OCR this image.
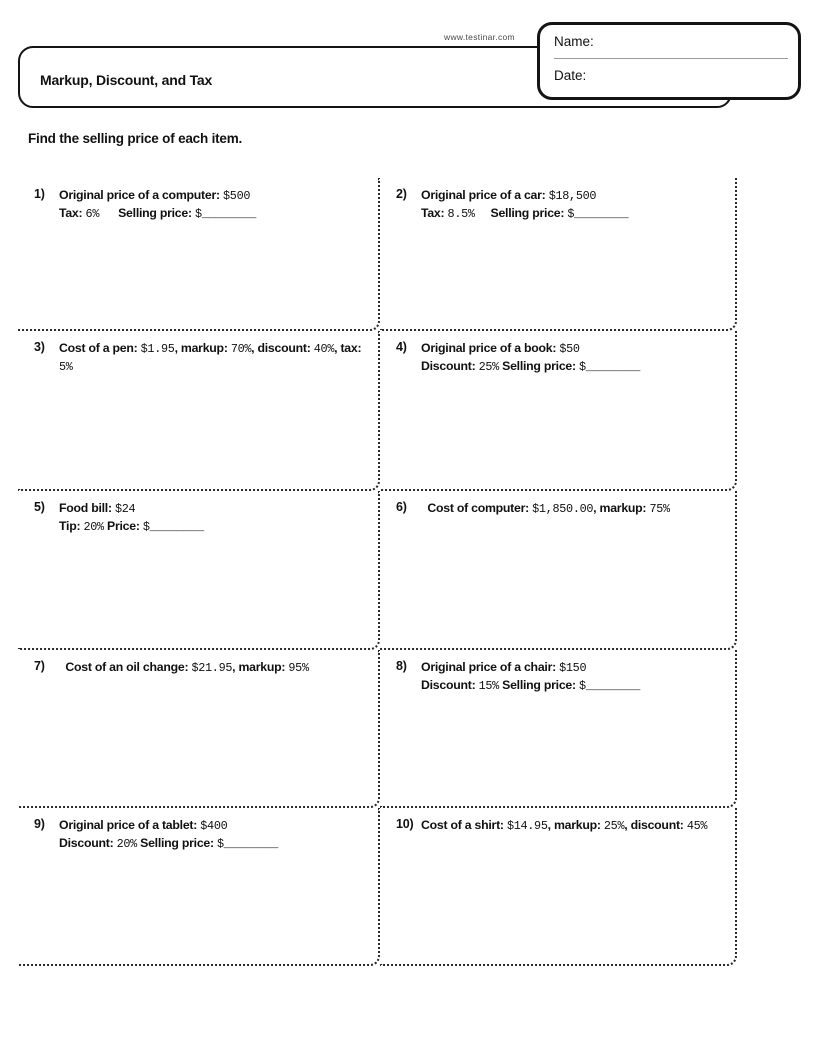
www.testinar.com
Markup, Discount, and Tax
Name:
Date:
Find the selling price of each item.
1)	Original price of a computer: $500
Tax: 6%      Selling price: $________
2)	Original price of a car: $18,500
Tax: 8.5%     Selling price: $________
3)	Cost of a pen: $1.95, markup: 70%, discount: 40%, tax: 5%
4)	Original price of a book: $50
Discount: 25% Selling price: $________
5)	Food bill: $24
Tip: 20% Price: $________
6)	Cost of computer: $1,850.00, markup: 75%
7)	Cost of an oil change: $21.95, markup: 95%	8)	Original price of a chair: $150
Discount: 15% Selling price: $________
9)	Original price of a tablet: $400
Discount: 20% Selling price: $________
10) Cost of a shirt: $14.95, markup: 25%, discount: 45%
